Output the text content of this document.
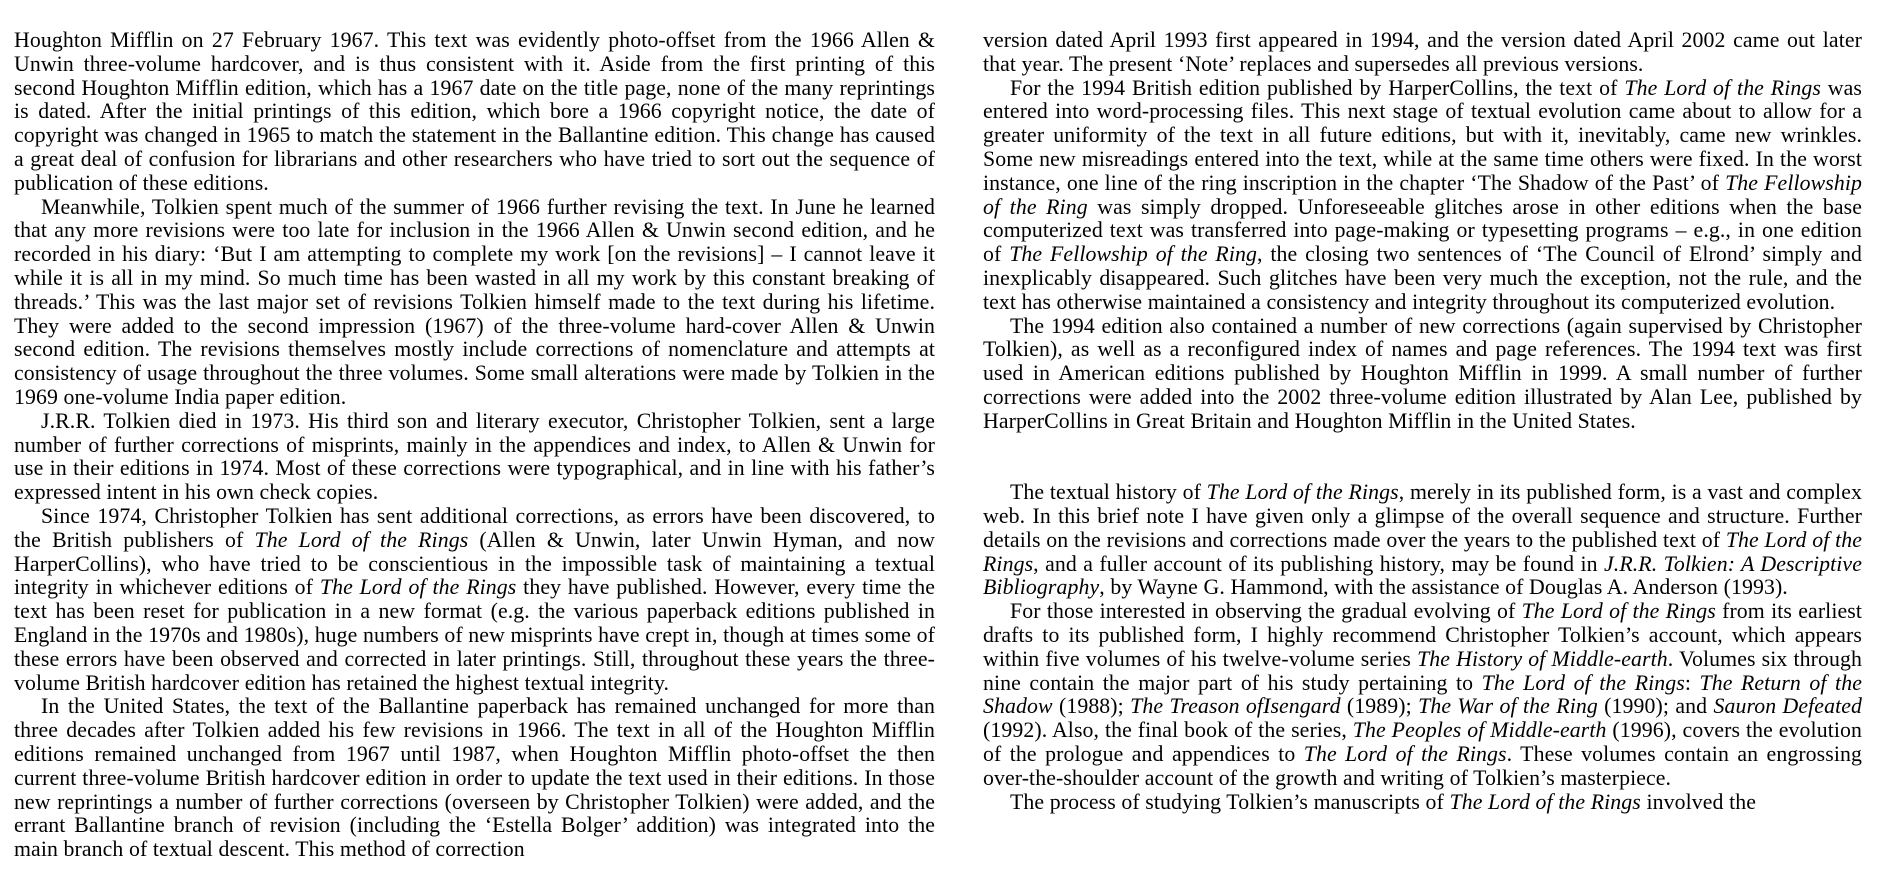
Houghton Mifflin on 27 February 1967. This text was evidently photo-offset from the 1966 Allen & Unwin three-volume hardcover, and is thus consistent with it. Aside from the first printing of this second Houghton Mifflin edition, which has a 1967 date on the title page, none of the many reprintings is dated. After the initial printings of this edition, which bore a 1966 copyright notice, the date of copyright was changed in 1965 to match the statement in the Ballantine edition. This change has caused a great deal of confusion for librarians and other researchers who have tried to sort out the sequence of publication of these editions.

Meanwhile, Tolkien spent much of the summer of 1966 further revising the text. In June he learned that any more revisions were too late for inclusion in the 1966 Allen & Unwin second edition, and he recorded in his diary: ‘But I am attempting to complete my work [on the revisions] – I cannot leave it while it is all in my mind. So much time has been wasted in all my work by this constant breaking of threads.’ This was the last major set of revisions Tolkien himself made to the text during his lifetime. They were added to the second impression (1967) of the three-volume hard-cover Allen & Unwin second edition. The revisions themselves mostly include corrections of nomenclature and attempts at consistency of usage throughout the three volumes. Some small alterations were made by Tolkien in the 1969 one-volume India paper edition.

J.R.R. Tolkien died in 1973. His third son and literary executor, Christopher Tolkien, sent a large number of further corrections of misprints, mainly in the appendices and index, to Allen & Unwin for use in their editions in 1974. Most of these corrections were typographical, and in line with his father’s expressed intent in his own check copies.

Since 1974, Christopher Tolkien has sent additional corrections, as errors have been discovered, to the British publishers of The Lord of the Rings (Allen & Unwin, later Unwin Hyman, and now HarperCollins), who have tried to be conscientious in the impossible task of maintaining a textual integrity in whichever editions of The Lord of the Rings they have published. However, every time the text has been reset for publication in a new format (e.g. the various paperback editions published in England in the 1970s and 1980s), huge numbers of new misprints have crept in, though at times some of these errors have been observed and corrected in later printings. Still, throughout these years the three-volume British hardcover edition has retained the highest textual integrity.

In the United States, the text of the Ballantine paperback has remained unchanged for more than three decades after Tolkien added his few revisions in 1966. The text in all of the Houghton Mifflin editions remained unchanged from 1967 until 1987, when Houghton Mifflin photo-offset the then current three-volume British hardcover edition in order to update the text used in their editions. In those new reprintings a number of further corrections (overseen by Christopher Tolkien) were added, and the errant Ballantine branch of revision (including the ‘Estella Bolger’ addition) was integrated into the main branch of textual descent. This method of correction

version dated April 1993 first appeared in 1994, and the version dated April 2002 came out later that year. The present ‘Note’ replaces and supersedes all previous versions.

For the 1994 British edition published by HarperCollins, the text of The Lord of the Rings was entered into word-processing files. This next stage of textual evolution came about to allow for a greater uniformity of the text in all future editions, but with it, inevitably, came new wrinkles. Some new misreadings entered into the text, while at the same time others were fixed. In the worst instance, one line of the ring inscription in the chapter ‘The Shadow of the Past’ of The Fellowship of the Ring was simply dropped. Unforeseeable glitches arose in other editions when the base computerized text was transferred into page-making or typesetting programs – e.g., in one edition of The Fellowship of the Ring, the closing two sentences of ‘The Council of Elrond’ simply and inexplicably disappeared. Such glitches have been very much the exception, not the rule, and the text has otherwise maintained a consistency and integrity throughout its computerized evolution.

The 1994 edition also contained a number of new corrections (again supervised by Christopher Tolkien), as well as a reconfigured index of names and page references. The 1994 text was first used in American editions published by Houghton Mifflin in 1999. A small number of further corrections were added into the 2002 three-volume edition illustrated by Alan Lee, published by HarperCollins in Great Britain and Houghton Mifflin in the United States.

The textual history of The Lord of the Rings, merely in its published form, is a vast and complex web. In this brief note I have given only a glimpse of the overall sequence and structure. Further details on the revisions and corrections made over the years to the published text of The Lord of the Rings, and a fuller account of its publishing history, may be found in J.R.R. Tolkien: A Descriptive Bibliography, by Wayne G. Hammond, with the assistance of Douglas A. Anderson (1993).

For those interested in observing the gradual evolving of The Lord of the Rings from its earliest drafts to its published form, I highly recommend Christopher Tolkien’s account, which appears within five volumes of his twelve-volume series The History of Middle-earth. Volumes six through nine contain the major part of his study pertaining to The Lord of the Rings: The Return of the Shadow (1988); The Treason ofIsengard (1989); The War of the Ring (1990); and Sauron Defeated (1992). Also, the final book of the series, The Peoples of Middle-earth (1996), covers the evolution of the prologue and appendices to The Lord of the Rings. These volumes contain an engrossing over-the-shoulder account of the growth and writing of Tolkien’s masterpiece.

The process of studying Tolkien’s manuscripts of The Lord of the Rings involved the
